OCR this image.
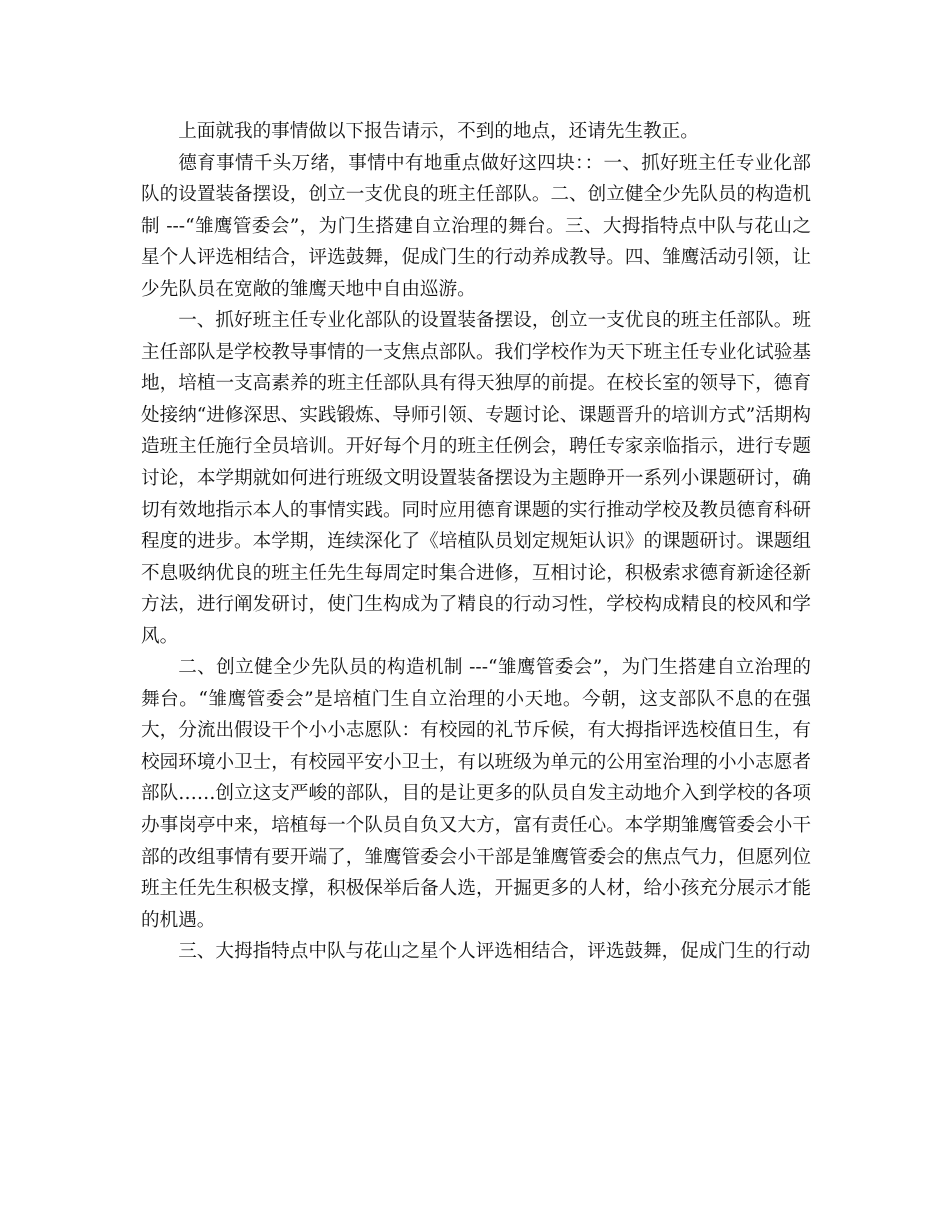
上面就我的事情做以下报告请示，不到的地点，还请先生教正。

德育事情千头万绪，事情中有地重点做好这四块：：一、抓好班主任专业化部队的设置装备摆设，创立一支优良的班主任部队。二、创立健全少先队员的构造机制 ---“雏鹰管委会”，为门生搭建自立治理的舞台。三、大拇指特点中队与花山之星个人评选相结合，评选鼓舞，促成门生的行动养成教导。四、雏鹰活动引领，让少先队员在宽敞的雏鹰天地中自由巡游。

一、抓好班主任专业化部队的设置装备摆设，创立一支优良的班主任部队。班主任部队是学校教导事情的一支焦点部队。我们学校作为天下班主任专业化试验基地，培植一支高素养的班主任部队具有得天独厚的前提。在校长室的领导下，德育处接纳“进修深思、实践锻炼、导师引领、专题讨论、课题晋升的培训方式”活期构造班主任施行全员培训。开好每个月的班主任例会，聘任专家亲临指示，进行专题讨论，本学期就如何进行班级文明设置装备摆设为主题睁开一系列小课题研讨，确切有效地指示本人的事情实践。同时应用德育课题的实行推动学校及教员德育科研程度的进步。本学期，连续深化了《培植队员划定规矩认识》的课题研讨。课题组不息吸纳优良的班主任先生每周定时集合进修，互相讨论，积极索求德育新途径新方法，进行阐发研讨，使门生构成为了精良的行动习性，学校构成精良的校风和学风。

二、创立健全少先队员的构造机制 ---“雏鹰管委会”，为门生搭建自立治理的舞台。“雏鹰管委会”是培植门生自立治理的小天地。今朝，这支部队不息的在强大，分流出假设干个小小志愿队：有校园的礼节斥候，有大拇指评选校值日生，有校园环境小卫士，有校园平安小卫士，有以班级为单元的公用室治理的小小志愿者部队……创立这支严峻的部队，目的是让更多的队员自发主动地介入到学校的各项办事岗亭中来，培植每一个队员自负又大方，富有责任心。本学期雏鹰管委会小干部的改组事情有要开端了，雏鹰管委会小干部是雏鹰管委会的焦点气力，但愿列位班主任先生积极支撑，积极保举后备人选，开掘更多的人材，给小孩充分展示才能的机遇。

三、大拇指特点中队与花山之星个人评选相结合，评选鼓舞，促成门生的行动
